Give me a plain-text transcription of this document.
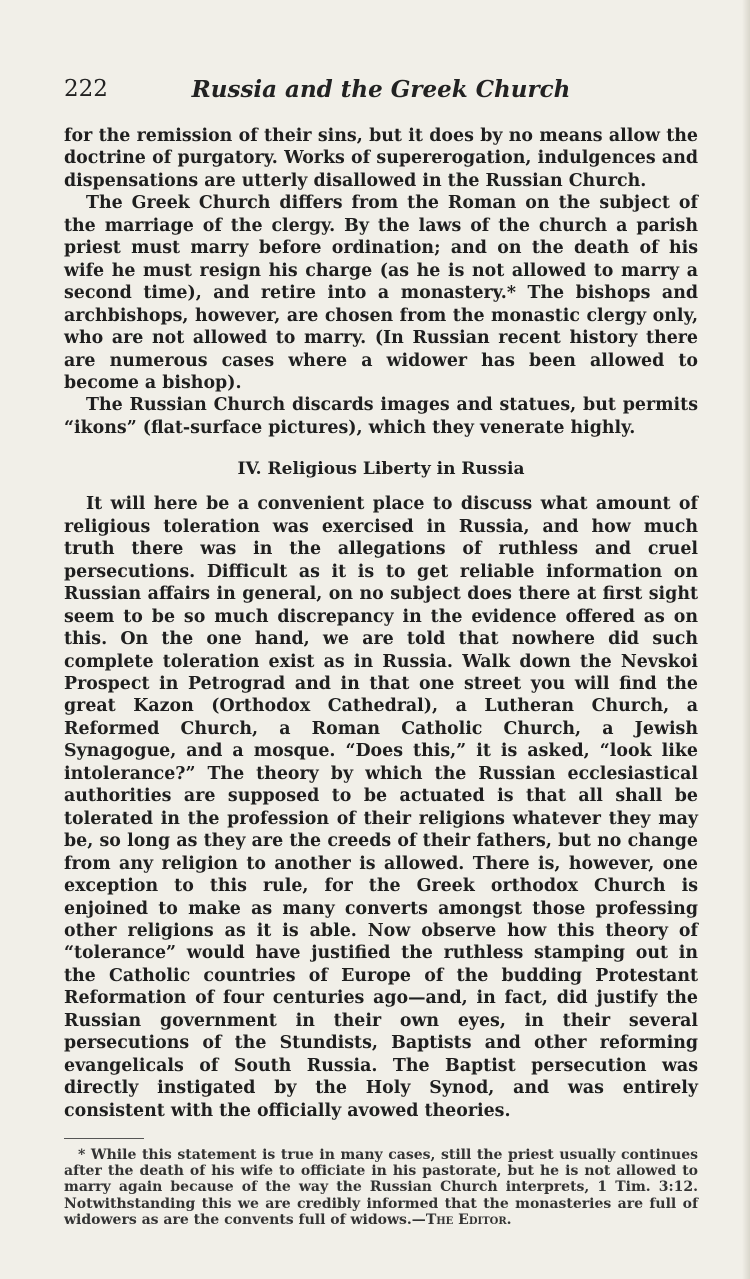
222	Russia and the Greek Church

for the remission of their sins, but it does by no means allow the doctrine of purgatory. Works of supererogation, indulgences and dispensations are utterly disallowed in the Russian Church.

The Greek Church differs from the Roman on the subject of the marriage of the clergy. By the laws of the church a parish priest must marry before ordination; and on the death of his wife he must resign his charge (as he is not allowed to marry a second time), and retire into a monastery.* The bishops and archbishops, however, are chosen from the monastic clergy only, who are not allowed to marry. (In Russian recent history there are numerous cases where a widower has been allowed to become a bishop).

The Russian Church discards images and statues, but permits “ikons” (flat-surface pictures), which they venerate highly.

IV. Religious Liberty in Russia

It will here be a convenient place to discuss what amount of religious toleration was exercised in Russia, and how much truth there was in the allegations of ruthless and cruel persecutions. Difficult as it is to get reliable information on Russian affairs in general, on no subject does there at first sight seem to be so much discrepancy in the evidence offered as on this. On the one hand, we are told that nowhere did such complete toleration exist as in Russia. Walk down the Nevskoi Prospect in Petrograd and in that one street you will find the great Kazon (Orthodox Cathedral), a Lutheran Church, a Reformed Church, a Roman Catholic Church, a Jewish Synagogue, and a mosque. “Does this,” it is asked, “look like intolerance?” The theory by which the Russian ecclesiastical authorities are supposed to be actuated is that all shall be tolerated in the profession of their religions whatever they may be, so long as they are the creeds of their fathers, but no change from any religion to another is allowed. There is, however, one exception to this rule, for the Greek orthodox Church is enjoined to make as many converts amongst those professing other religions as it is able. Now observe how this theory of “tolerance” would have justified the ruthless stamping out in the Catholic countries of Europe of the budding Protestant Reformation of four centuries ago—and, in fact, did justify the Russian government in their own eyes, in their several persecutions of the Stundists, Baptists and other reforming evangelicals of South Russia. The Baptist persecution was directly instigated by the Holy Synod, and was entirely consistent with the officially avowed theories.

* While this statement is true in many cases, still the priest usually continues after the death of his wife to officiate in his pastorate, but he is not allowed to marry again because of the way the Russian Church interprets, 1 Tim. 3:12. Notwithstanding this we are credibly informed that the monasteries are full of widowers as are the convents full of widows.—The Editor.
